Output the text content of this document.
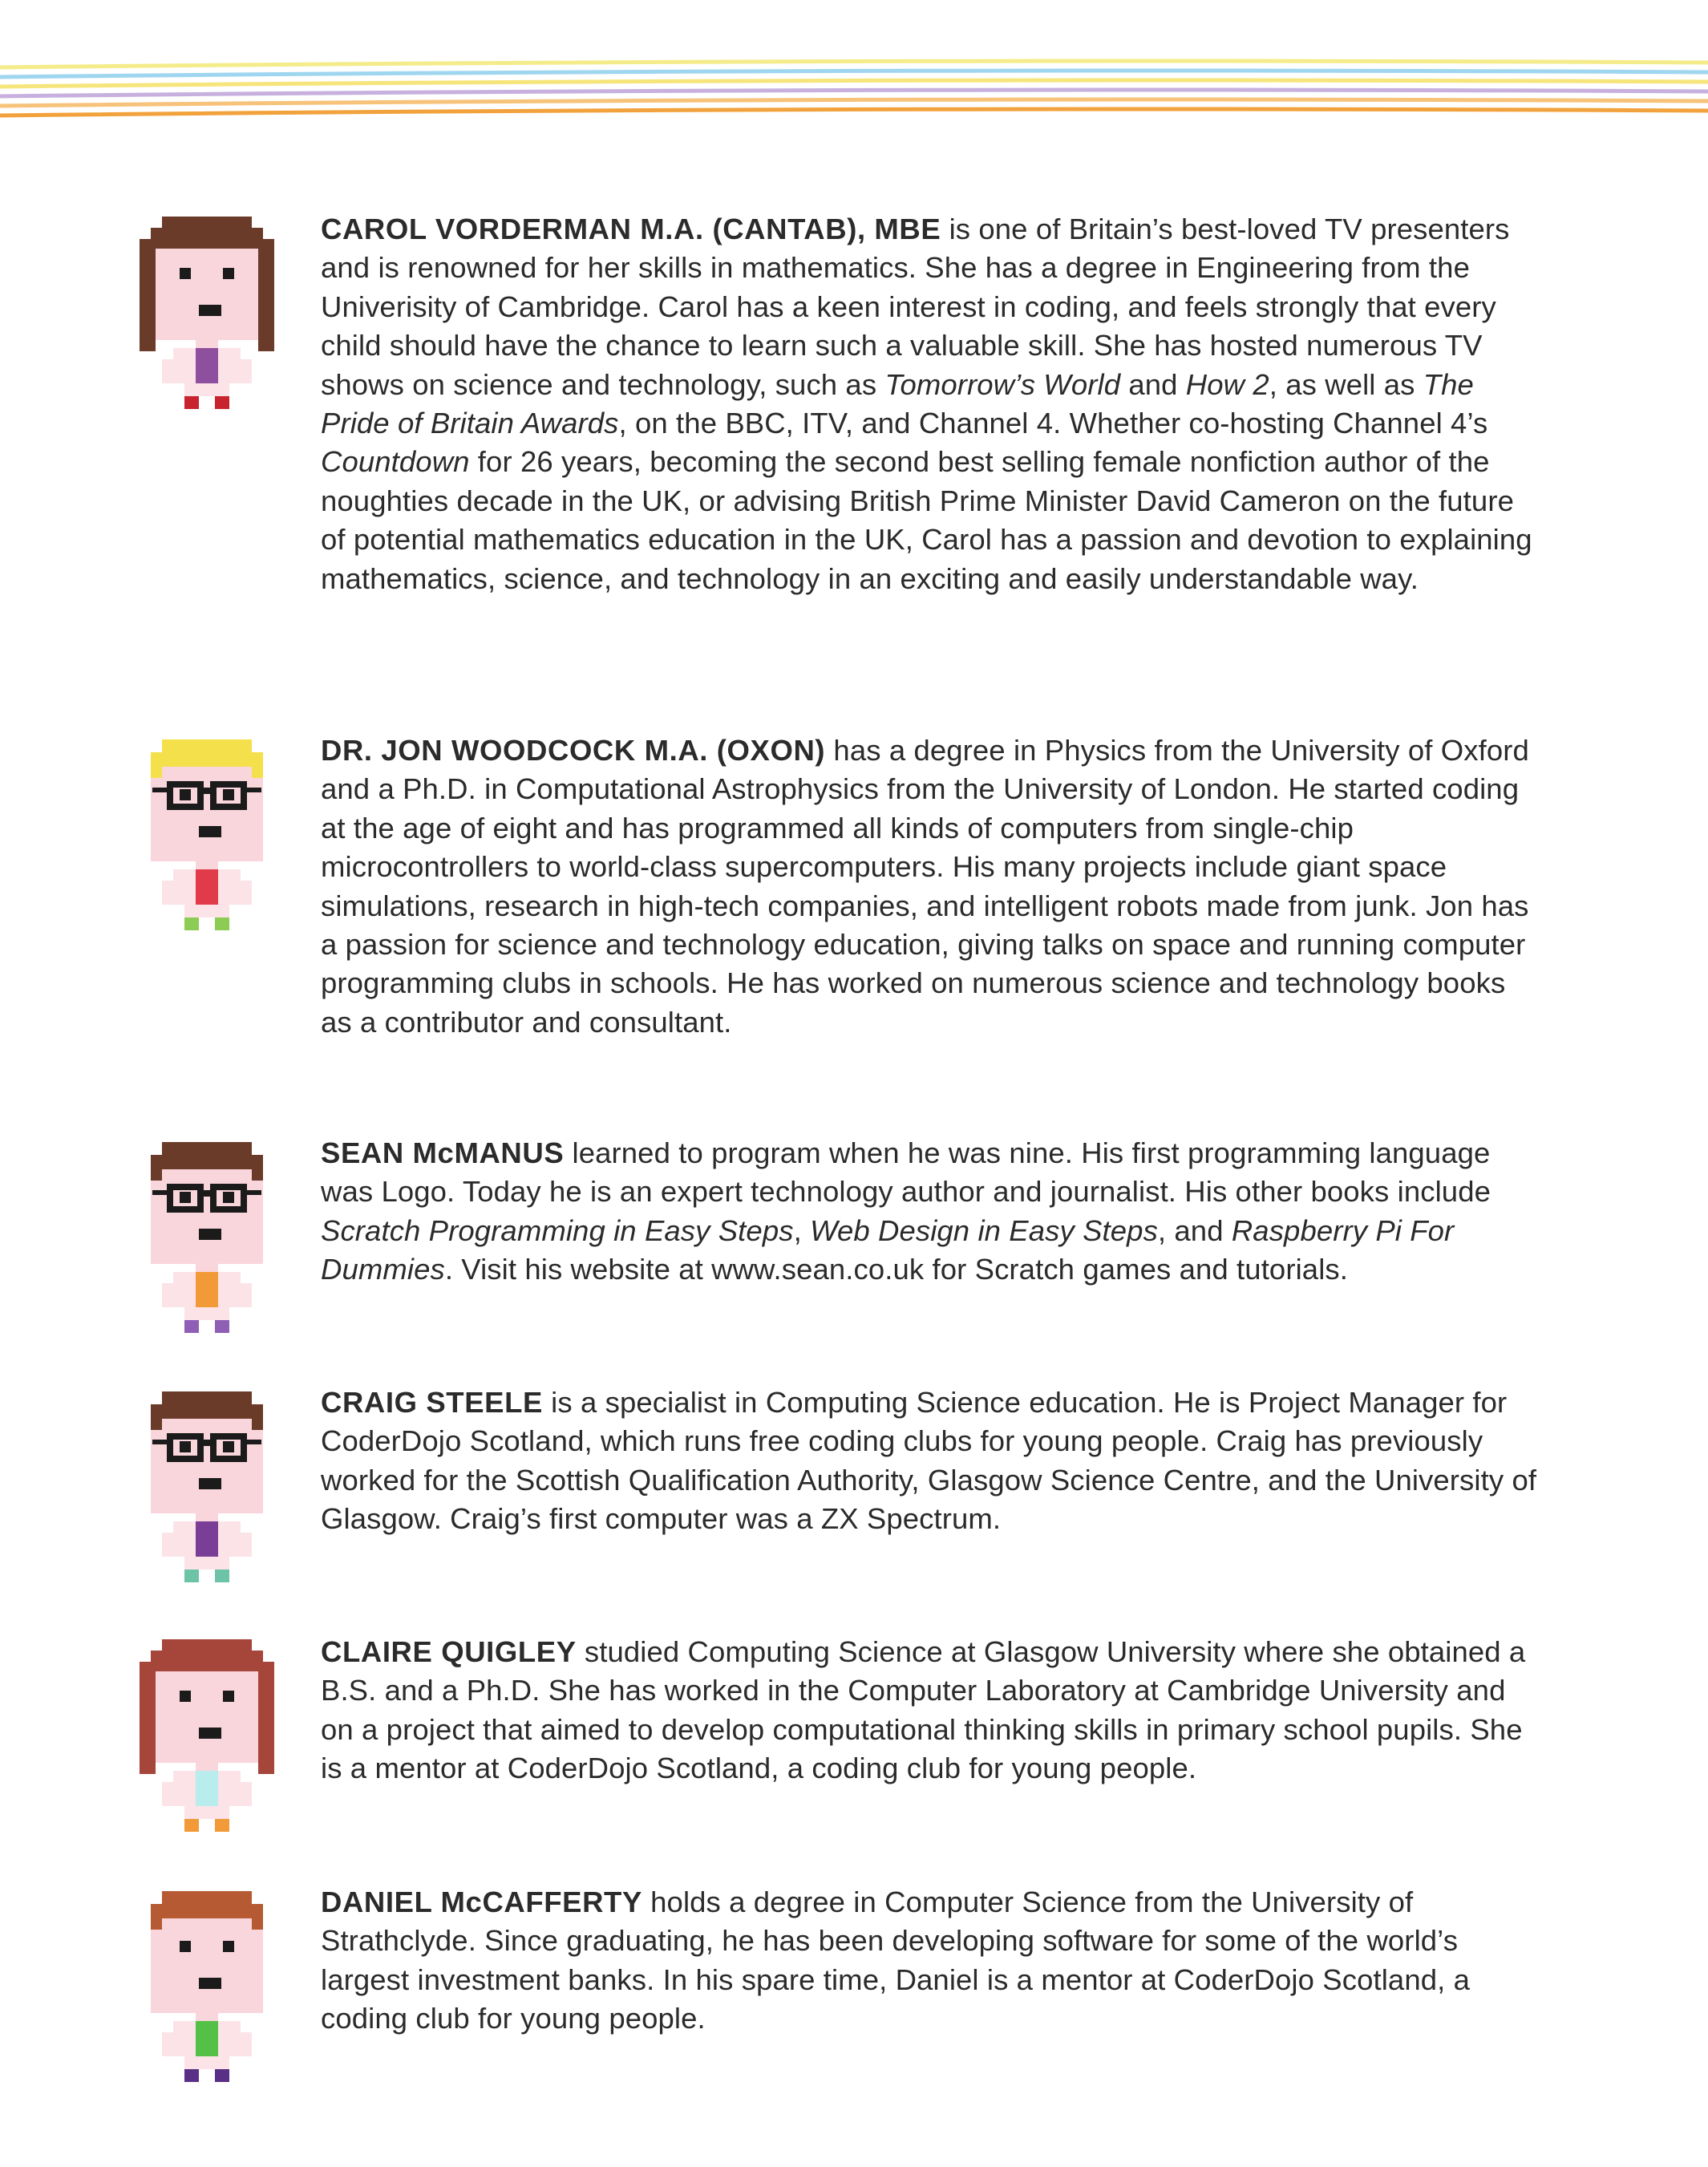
CAROL VORDERMAN M.A. (CANTAB), MBE is one of Britain’s best-loved TV presenters and is renowned for her skills in mathematics. She has a degree in Engineering from the Univerisity of Cambridge. Carol has a keen interest in coding, and feels strongly that every child should have the chance to learn such a valuable skill. She has hosted numerous TV shows on science and technology, such as Tomorrow’s World and How 2, as well as The Pride of Britain Awards, on the BBC, ITV, and Channel 4. Whether co-hosting Channel 4’s Countdown for 26 years, becoming the second best selling female nonfiction author of the noughties decade in the UK, or advising British Prime Minister David Cameron on the future of potential mathematics education in the UK, Carol has a passion and devotion to explaining mathematics, science, and technology in an exciting and easily understandable way.

DR. JON WOODCOCK M.A. (OXON) has a degree in Physics from the University of Oxford and a Ph.D. in Computational Astrophysics from the University of London. He started coding at the age of eight and has programmed all kinds of computers from single-chip microcontrollers to world-class supercomputers. His many projects include giant space simulations, research in high-tech companies, and intelligent robots made from junk. Jon has a passion for science and technology education, giving talks on space and running computer programming clubs in schools. He has worked on numerous science and technology books as a contributor and consultant.

SEAN McMANUS learned to program when he was nine. His first programming language was Logo. Today he is an expert technology author and journalist. His other books include Scratch Programming in Easy Steps, Web Design in Easy Steps, and Raspberry Pi For Dummies. Visit his website at www.sean.co.uk for Scratch games and tutorials.

CRAIG STEELE is a specialist in Computing Science education. He is Project Manager for CoderDojo Scotland, which runs free coding clubs for young people. Craig has previously worked for the Scottish Qualification Authority, Glasgow Science Centre, and the University of Glasgow. Craig’s first computer was a ZX Spectrum.

CLAIRE QUIGLEY studied Computing Science at Glasgow University where she obtained a B.S. and a Ph.D. She has worked in the Computer Laboratory at Cambridge University and on a project that aimed to develop computational thinking skills in primary school pupils. She is a mentor at CoderDojo Scotland, a coding club for young people.

DANIEL McCAFFERTY holds a degree in Computer Science from the University of Strathclyde. Since graduating, he has been developing software for some of the world’s largest investment banks. In his spare time, Daniel is a mentor at CoderDojo Scotland, a coding club for young people.
